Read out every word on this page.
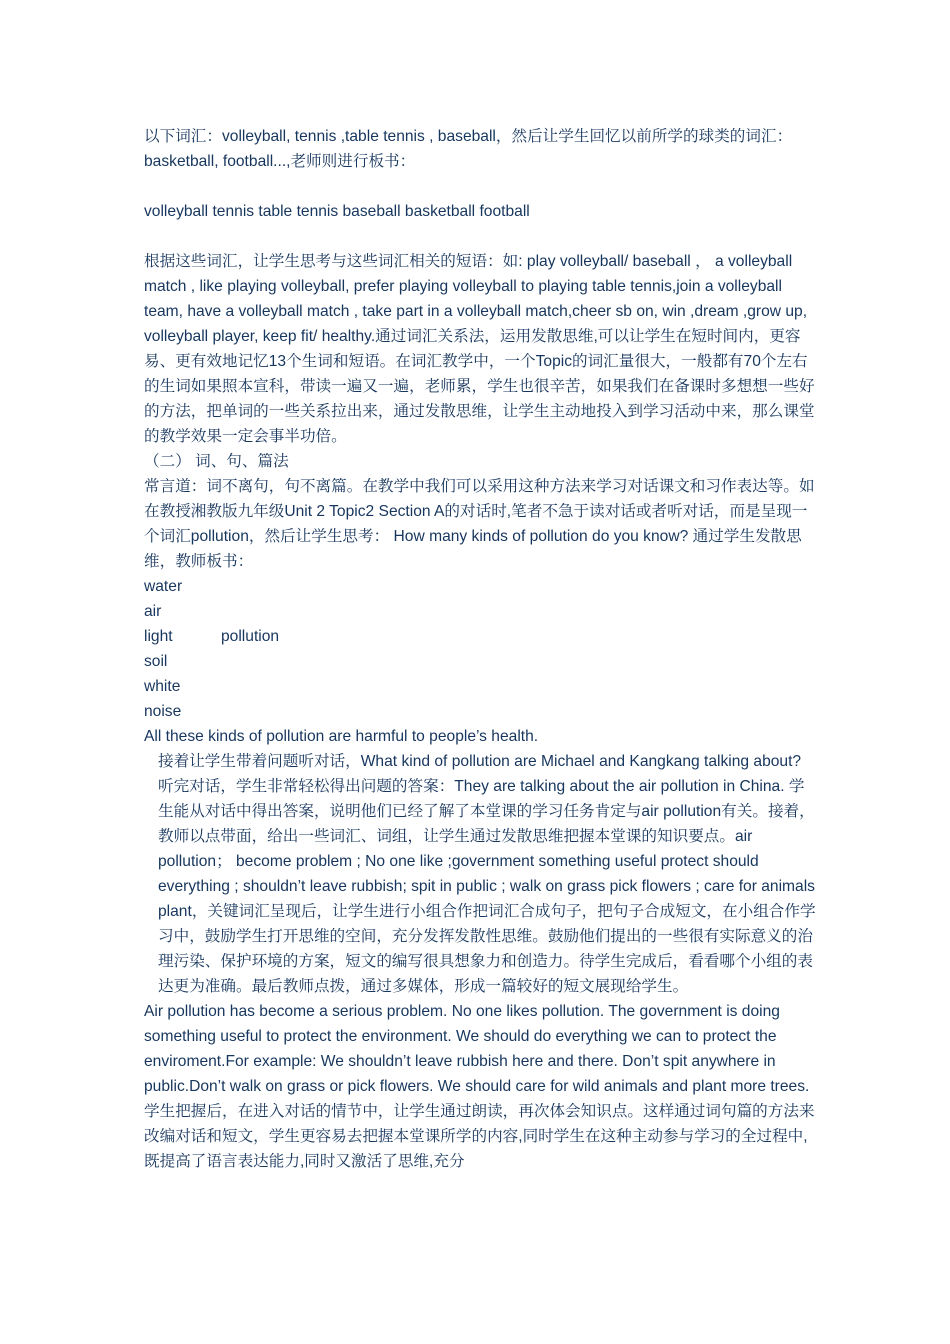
以下词汇：volleyball, tennis ,table tennis , baseball，然后让学生回忆以前所学的球类的词汇：basketball, football...,老师则进行板书：

volleyball tennis table tennis baseball basketball football

根据这些词汇，让学生思考与这些词汇相关的短语：如: play volleyball/ baseball ， a volleyball match , like playing volleyball, prefer playing volleyball to playing table tennis,join a volleyball team, have a volleyball match , take part in a volleyball match,cheer sb on, win ,dream ,grow up, volleyball player, keep fit/ healthy.通过词汇关系法，运用发散思维,可以让学生在短时间内，更容易、更有效地记忆13个生词和短语。在词汇教学中，一个Topic的词汇量很大，一般都有70个左右的生词如果照本宣科，带读一遍又一遍，老师累，学生也很辛苦，如果我们在备课时多想想一些好的方法，把单词的一些关系拉出来，通过发散思维，让学生主动地投入到学习活动中来，那么课堂的教学效果一定会事半功倍。

（二） 词、句、篇法

常言道：词不离句，句不离篇。在教学中我们可以采用这种方法来学习对话课文和习作表达等。如在教授湘教版九年级Unit 2 Topic2 Section A的对话时,笔者不急于读对话或者听对话，而是呈现一个词汇pollution，然后让学生思考： How many kinds of pollution do you know? 通过学生发散思维，教师板书：

water
air
light	pollution
soil
white
noise

All these kinds of pollution are harmful to people’s health.

接着让学生带着问题听对话，What kind of pollution are Michael and Kangkang talking about? 听完对话，学生非常轻松得出问题的答案：They are talking about the air pollution in China. 学生能从对话中得出答案，说明他们已经了解了本堂课的学习任务肯定与air pollution有关。接着，教师以点带面，给出一些词汇、词组，让学生通过发散思维把握本堂课的知识要点。air pollution； become problem ; No one like ;government something useful protect should everything ; shouldn’t leave rubbish; spit in public ; walk on grass pick flowers ; care for animals plant，关键词汇呈现后，让学生进行小组合作把词汇合成句子，把句子合成短文，在小组合作学习中，鼓励学生打开思维的空间，充分发挥发散性思维。鼓励他们提出的一些很有实际意义的治理污染、保护环境的方案，短文的编写很具想象力和创造力。待学生完成后，看看哪个小组的表达更为准确。最后教师点拨，通过多媒体，形成一篇较好的短文展现给学生。

Air pollution has become a serious problem. No one likes pollution. The government is doing something useful to protect the environment. We should do everything we can to protect the enviroment.For example: We shouldn’t leave rubbish here and there. Don’t spit anywhere in public.Don’t walk on grass or pick flowers. We should care for wild animals and plant more trees.学生把握后，在进入对话的情节中，让学生通过朗读，再次体会知识点。这样通过词句篇的方法来改编对话和短文，学生更容易去把握本堂课所学的内容,同时学生在这种主动参与学习的全过程中,既提高了语言表达能力,同时又激活了思维,充分
